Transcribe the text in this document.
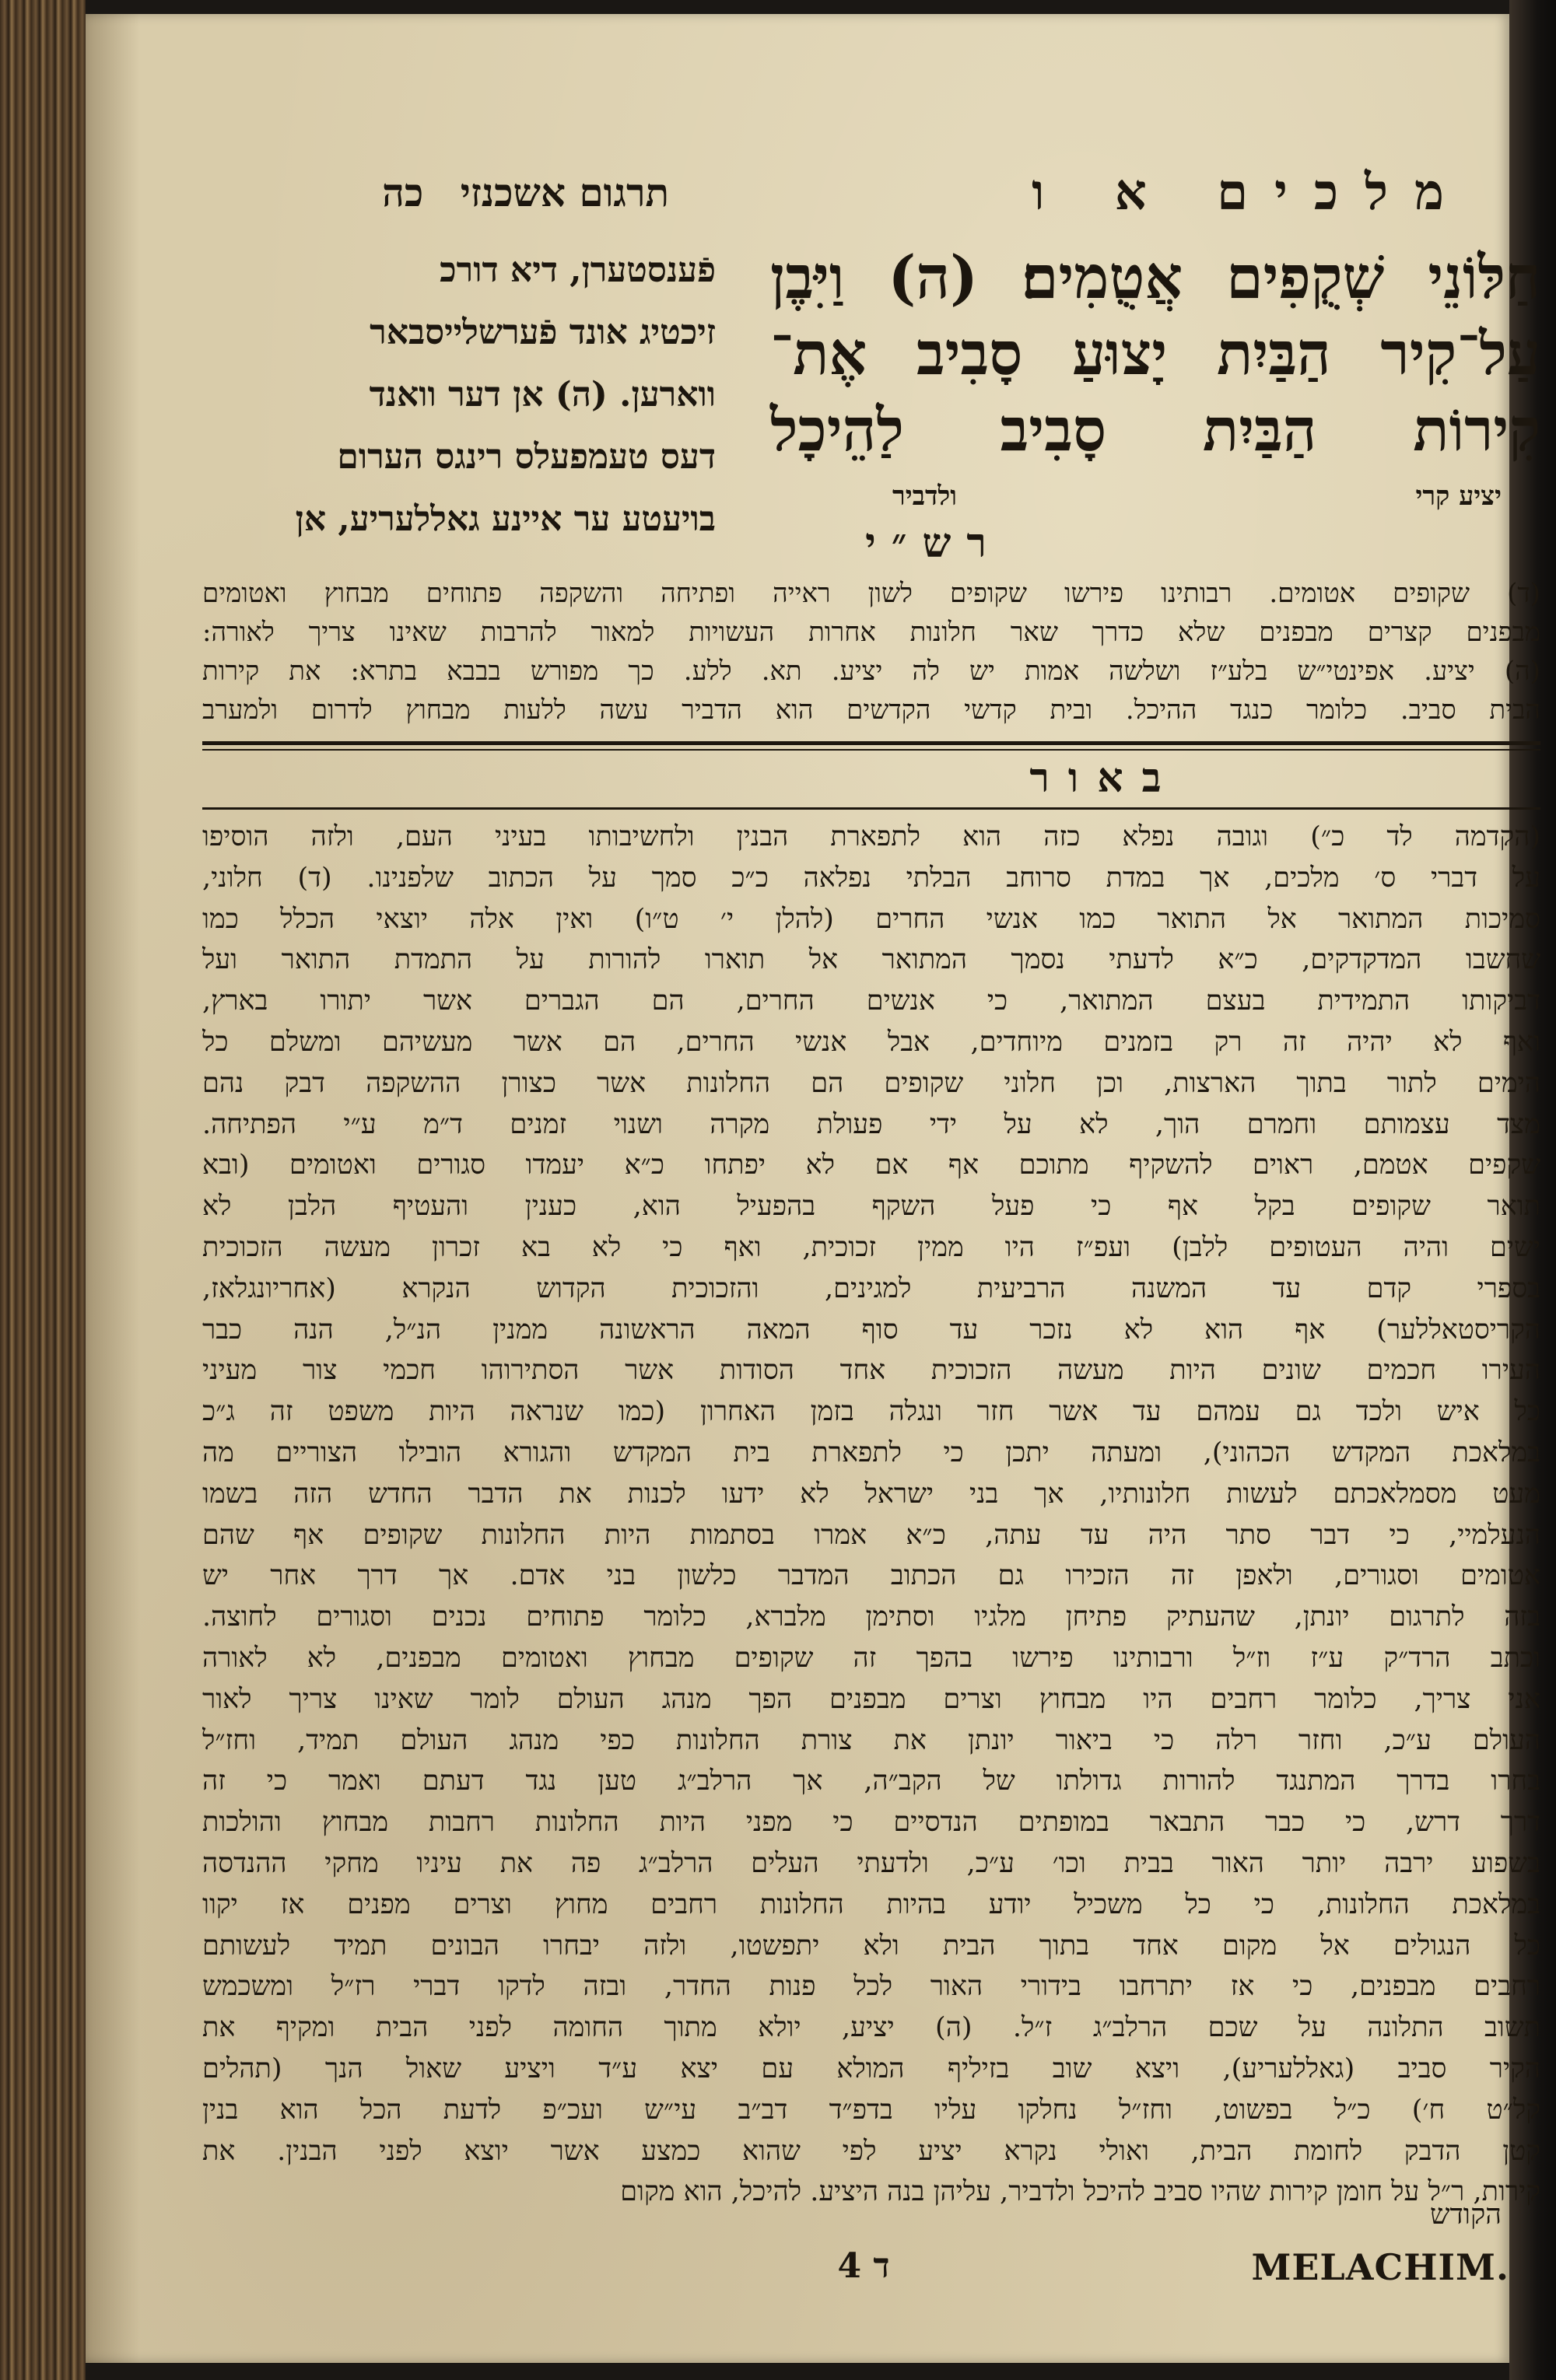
מלכים א ו
תרגום אשכנזי כה
חַלּוֹנֵי שְׁקֻפִים אֲטֻמִים׃ (ה) וַיִּבֶן
עַל־קִיר הַבַּיִת יָצוּעַ סָבִיב אֶת־
קִירוֹת הַבַּיִת סָבִיב לַהֵיכָל
פֿענסטערן, דיא דורכ
זיכטיג אונד פֿערשלייסבאר
ווארען. (ה) אן דער וואנד
דעס טעמפעלס רינגס הערום
בויעטע ער איינע גאללעריע, אן
יציע קרי
ולדביר
רש״י
(ד) שקופים אטומים. רבותינו פירשו שקופים לשון ראייה ופתיחה והשקפה פתוחים מבחוץ ואטומים
מבפנים קצרים מבפנים שלא כדרך שאר חלונות אחרות העשויות למאור להרבות שאינו צריך לאורה:
(ה) יציע. אפינטי״ש בלע״ז ושלשה אמות יש לה יציע. תא. ללע. כך מפורש בבבא בתרא: את קירות
הבית סביב. כלומר כנגד ההיכל. ובית קדשי הקדשים הוא הדביר עשה ללעות מבחוץ לדרום ולמערב
באור
(הקדמה לד כ״) וגובה נפלא כזה הוא לתפארת הבנין ולחשיבותו בעיני העם, ולזה הוסיפו
על דברי ס׳ מלכים, אך במדת סרוחב הבלתי נפלאה כ״כ סמך על הכתוב שלפנינו. (ד) חלוני,
סמיכות המתואר אל התואר כמו אנשי החרים (להלן י׳ ט״ו) ואין אלה יוצאי הכלל כמו
שחשבו המדקדקים, כ״א לדעתי נסמך המתואר אל תוארו להורות על התמדת התואר ועל
דביקותו התמידית בעצם המתואר, כי אנשים החרים, הם הגברים אשר יתורו בארץ,
ואף לא יהיה זה רק בזמנים מיוחדים, אבל אנשי החרים, הם אשר מעשיהם ומשלם כל
הימים לתור בתוך הארצות, וכן חלוני שקופים הם החלונות אשר כצורן ההשקפה דבק נהם
מצד עצמותם וחמרם הוך, לא על ידי פעולת מקרה ושנוי זמנים ד״מ ע״י הפתיחה.
שקפים אטמם, ראוים להשקיף מתוכם אף אם לא יפתחו כ״א יעמדו סגורים ואטומים (ובא
תואר שקופים בקל אף כי פעל השקף בהפעיל הוא, כענין והעטיף הלבן לא
ישים והיה העטופים ללבן) ועפ״ז היו ממין זכוכית, ואף כי לא בא זכרון מעשה הזכוכית
בספרי קדם עד המשנה הרביעית למגינים, והזכוכית הקדוש הנקרא (אחריונגלאז,
הקריסטאללער) אף הוא לא נזכר עד סוף המאה הראשונה ממנין הנ״ל, הנה כבר
העירו חכמים שונים היות מעשה הזכוכית אחד הסודות אשר הסתירוהו חכמי צור מעיני
כל איש ולכד גם עמהם עד אשר חזר ונגלה בזמן האחרון (כמו שנראה היות משפט זה ג״כ
במלאכת המקדש הכהוני), ומעתה יתכן כי לתפארת בית המקדש והגורא הובילו הצוריים מה
מעט מסמלאכתם לעשות חלונותיו, אך בני ישראל לא ידעו לכנות את הדבר החדש הזה בשמו
הנעלמיי, כי דבר סתר היה עד עתה, כ״א אמרו בסתמות היות החלונות שקופים אף שהם
אטומים וסגורים, ולאפן זה הזכירו גם הכתוב המדבר כלשון בני אדם. אך דרך אחר יש
בזה לתרגום יונתן, שהעתיק פתיחן מלגיו וסתימן מלברא, כלומר פתוחים נכנים וסגורים לחוצה.
וכתב הרד״ק ע״ז וז״ל ורבותינו פירשו בהפך זה שקופים מבחוץ ואטומים מבפנים, לא לאורה
אני צריך, כלומר רחבים היו מבחוץ וצרים מבפנים הפך מנהג העולם לומר שאינו צריך לאור
העולם ע״כ, וחזר רלה כי ביאור יונתן את צורת החלונות כפי מנהג העולם תמיד, וחז״ל
בחרו בדרך המתנגד להורות גדולתו של הקב״ה, אך הרלב״ג טען נגד דעתם ואמר כי זה
דרך דרש, כי כבר התבאר במופתים הנדסיים כי מפני היות החלונות רחבות מבחוץ והולכות
בשפוע ירבה יותר האור בבית וכו׳ ע״כ, ולדעתי העלים הרלב״ג פה את עיניו מחקי ההנדסה
במלאכת החלונות, כי כל משכיל יודע בהיות החלונות רחבים מחוץ וצרים מפנים אז יקוו
כל הנגולים אל מקום אחד בתוך הבית ולא יתפשטו, ולזה יבחרו הבונים תמיד לעשותם
רחבים מבפנים, כי אז יתרחבו בידורי האור לכל פנות החדר, ובזה לדקו דברי רז״ל ומשכמש
תשוב התלונה על שכם הרלב״ג ז״ל. (ה) יציע, יולא מתוך החומה לפני הבית ומקיף את
הקיר סביב (גאללעריע), ויצא שוב בזיליף המולא עם יצא ע״ד ויציע שאול הנך (תהלים
קל״ט ח׳) כ״ל בפשוט, וחז״ל נחלקו עליו בדפ״ד דב״ב עי״ש ועכ״פ לדעת הכל הוא בנין
קטן הדבק לחומת הבית, ואולי נקרא יציע לפי שהוא כמצע אשר יוצא לפני הבנין. את
קירות, ר״ל על חומן קירות שהיו סביב להיכל ולדביר, עליהן בנה היציע. להיכל, הוא מקום
הקודש
ד 4	MELACHIM.
